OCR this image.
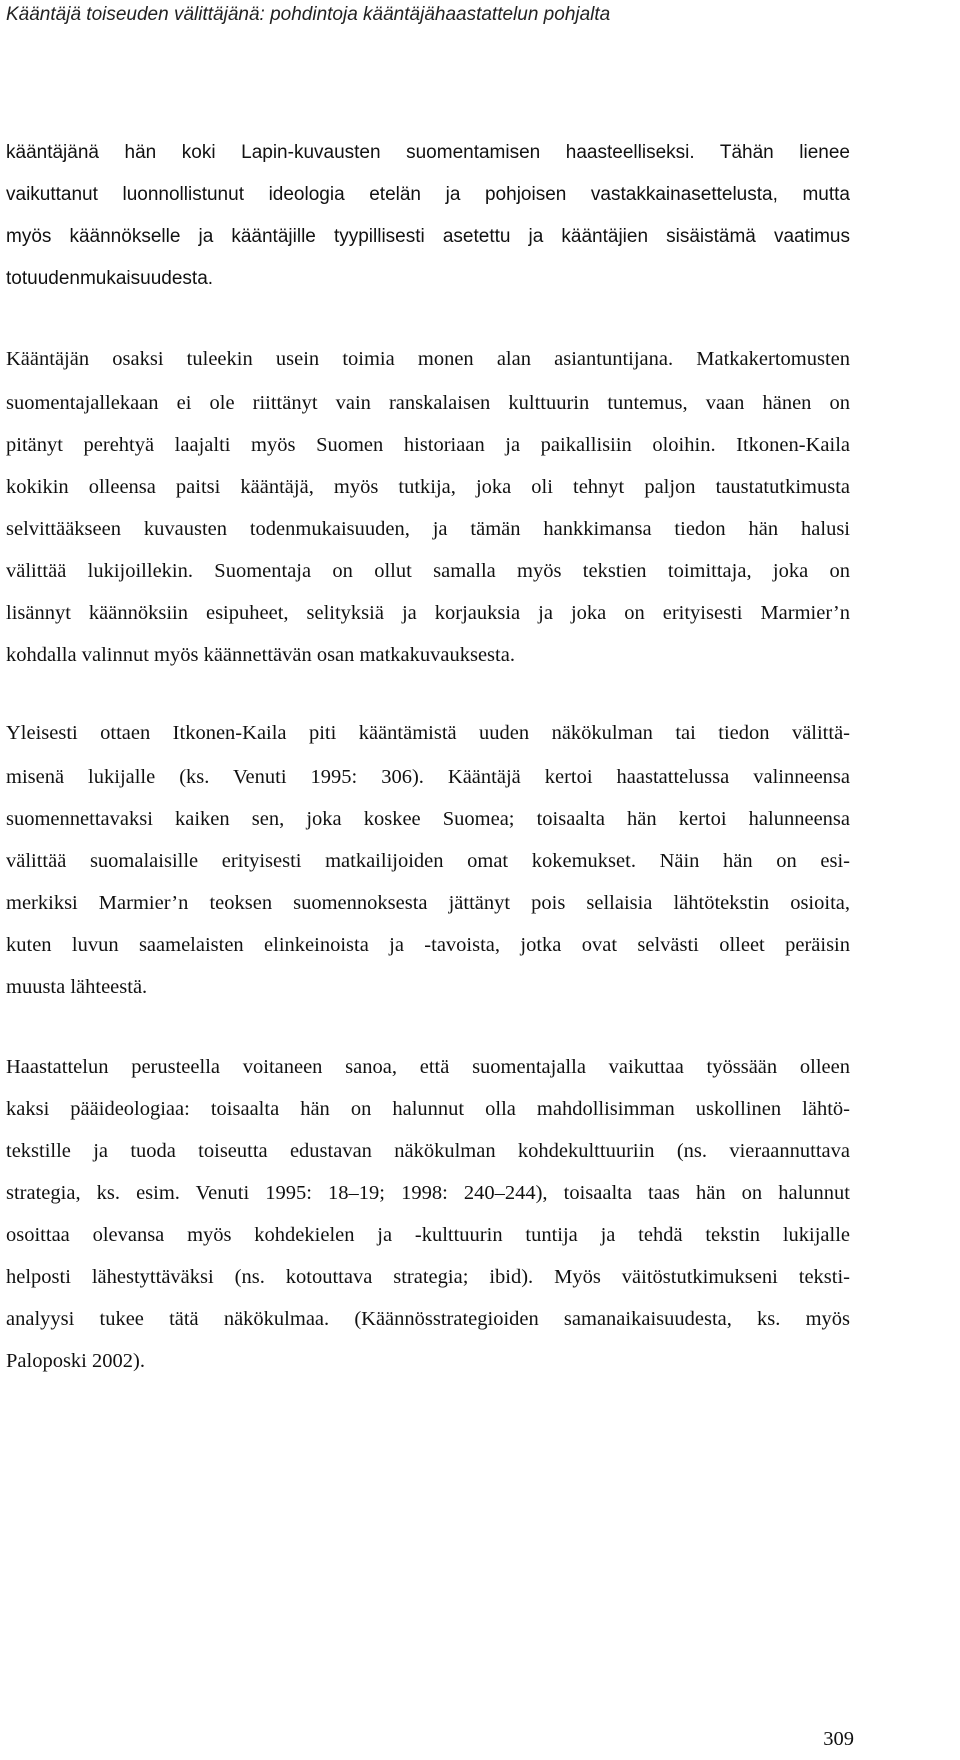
Kääntäjä toiseuden välittäjänä: pohdintoja kääntäjähaastattelun pohjalta
kääntäjänä hän koki Lapin-kuvausten suomentamisen haasteelliseksi. Tähän lienee
vaikuttanut luonnollistunut ideologia etelän ja pohjoisen vastakkainasettelusta, mutta
myös käännökselle ja kääntäjille tyypillisesti asetettu ja kääntäjien sisäistämä vaatimus
totuudenmukaisuudesta.
Kääntäjän osaksi tuleekin usein toimia monen alan asiantuntijana. Matkakertomusten
suomentajallekaan ei ole riittänyt vain ranskalaisen kulttuurin tuntemus, vaan hänen on
pitänyt perehtyä laajalti myös Suomen historiaan ja paikallisiin oloihin. Itkonen-Kaila
kokikin olleensa paitsi kääntäjä, myös tutkija, joka oli tehnyt paljon taustatutkimusta
selvittääkseen kuvausten todenmukaisuuden, ja tämän hankkimansa tiedon hän halusi
välittää lukijoillekin. Suomentaja on ollut samalla myös tekstien toimittaja, joka on
lisännyt käännöksiin esipuheet, selityksiä ja korjauksia ja joka on erityisesti Marmier’n
kohdalla valinnut myös käännettävän osan matkakuvauksesta.
Yleisesti ottaen Itkonen-Kaila piti kääntämistä uuden näkökulman tai tiedon välittä-
misenä lukijalle (ks. Venuti 1995: 306). Kääntäjä kertoi haastattelussa valinneensa
suomennettavaksi kaiken sen, joka koskee Suomea; toisaalta hän kertoi halunneensa
välittää suomalaisille erityisesti matkailijoiden omat kokemukset. Näin hän on esi-
merkiksi Marmier’n teoksen suomennoksesta jättänyt pois sellaisia lähtötekstin osioita,
kuten luvun saamelaisten elinkeinoista ja -tavoista, jotka ovat selvästi olleet peräisin
muusta lähteestä.
Haastattelun perusteella voitaneen sanoa, että suomentajalla vaikuttaa työssään olleen
kaksi pääideologiaa: toisaalta hän on halunnut olla mahdollisimman uskollinen lähtö-
tekstille ja tuoda toiseutta edustavan näkökulman kohdekulttuuriin (ns. vieraannuttava
strategia, ks. esim. Venuti 1995: 18–19; 1998: 240–244), toisaalta taas hän on halunnut
osoittaa olevansa myös kohdekielen ja -kulttuurin tuntija ja tehdä tekstin lukijalle
helposti lähestyttäväksi (ns. kotouttava strategia; ibid). Myös väitöstutkimukseni teksti-
analyysi tukee tätä näkökulmaa. (Käännösstrategioiden samanaikaisuudesta, ks. myös
Paloposki 2002).
309
